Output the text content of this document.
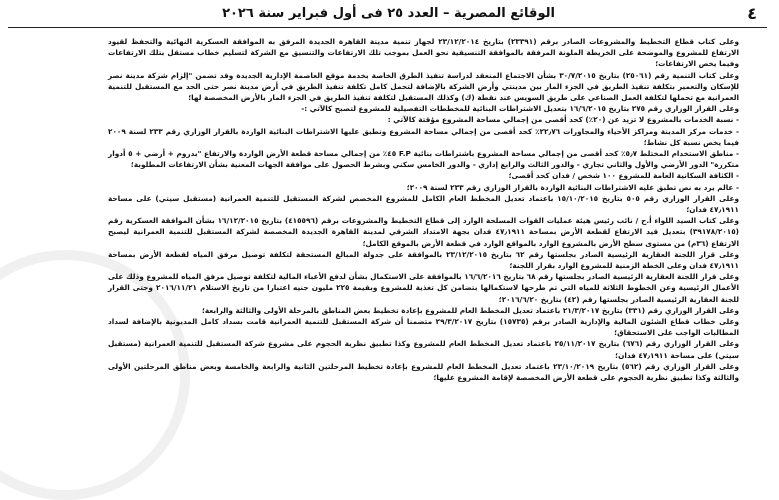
٤
الوقائع المصرية – العدد ٢٥ فى أول فبراير سنة ٢٠٢٦

وعلى كتاب قطاع التخطيط والمشروعات الصادر برقم (٢٣٣٩١) بتاريخ ٢٣/١٢/٢٠١٤ لجهاز تنمية مدينة القاهرة الجديدة المرفق به الموافقة العسكرية النهائية والتحفظ لقيود الارتفاع للمشروع والموضحة على الخريطة الملونة المرفقة بالموافقة التنسيقية نحو العمل بموجب تلك الارتفاعات والتنسيق مع الشركة لتسليم خطاب مستقل بتلك الارتفاعات وفيما يخص الارتفاعات؛

وعلى كتاب التنمية رقم (٢٥٠٦١) بتاريخ ٣٠/٧/٢٠١٥ بشأن الاجتماع المنعقد لدراسة تنفيذ الطرق الخاصة بخدمة موقع العاصمة الإدارية الجديدة وقد تضمن "إلزام شركة مدينة نصر للإسكان والتعمير بتكلفة تنفيذ الطريق في الجزء المار بين مدينتي وأرض الشركة بالإضافة لتحمل كامل تكلفة تنفيذ الطريق في أرض مدينة نصر حتى الحد مع المستقبل للتنمية العمرانية مع تحملها لتكلفة العمل الصناعي على طريق السويس عند نقطة (ك) وكذلك المستقبل لتكلفة تنفيذ الطريق في الجزء المار بالأرض المخصصة لها؛

وعلى القرار الوزاري رقم ٢٧٥ بتاريخ ١٦/٦/٢٠١٥ بتعديل الاشتراطات البنائية للمخططات التفصيلية للمشروع لتصبح كالآتي :-

- نسبة الخدمات بالمشروع لا تزيد عن (٢٠٪) كحد أقصى من إجمالي مساحة المشروع مؤقتة كالآتي :

- خدمات مركز المدينة ومراكز الأحياء والمجاورات ٢٢٫٧٦٪ كحد أقصى من إجمالي مساحة المشروع وتطبق عليها الاشتراطات البنائية الواردة بالقرار الوزاري رقم ٢٣٣ لسنة ٢٠٠٩ فيما يخص نسبة كل نشاط؛

- مناطق الاستخدام المختلط ٥٫٧٪ كحد أقصى من إجمالي مساحة المشروع باشتراطات بنائية F.P ٤٥٪ من إجمالي مساحة قطعة الأرض الواردة والارتفاع "بدروم + أرضي + ٥ أدوار متكررة" الدور الأرضي والأول والثاني تجاري - والدور الثالث والرابع إداري - والدور الخامس سكني وبشرط الحصول على موافقة الجهات المعنية بشأن الارتفاعات المطلوبة؛

- الكثافة السكانية العامة للمشروع ١٠٠ شخص / فدان كحد أقصى؛

- عالم يرد به نص تطبق عليه الاشتراطات البنائية الواردة بالقرار الوزاري رقم ٢٣٣ لسنة ٢٠٠٩؛

وعلى القرار الوزاري رقم ٥٠٥ بتاريخ ١٥/١٠/٢٠١٥ باعتماد تعديل المخطط العام الكامل للمشروع المخصص لشركة المستقبل للتنمية العمرانية (مستقبل سيتي) على مساحة ٤٧٫١٩١١ فدان؛

وعلى كتاب السيد اللواء أ.ح / نائب رئيس هيئة عمليات القوات المسلحة الوارد إلى قطاع التخطيط والمشروعات برقم (٤١٥٥٩٦) بتاريخ ١٦/١٢/٢٠١٥ بشأن الموافقة العسكرية رقم (٣٩١٧٨/٢٠١٥) بتعديل قيد الارتفاع لقطعة الأرض بمساحة ٤٧٫١٩١١ فدان بجهة الامتداد الشرقي لمدينة القاهرة الجديدة المخصصة لشركة المستقبل للتنمية العمرانية ليصبح الارتفاع (٣٦م) من مستوى سطح الأرض بالمشروع الوارد بالمواقع الوارد في قطعة الأرض بالموقع الكامل؛

وعلى قرار اللجنة العقارية الرئيسية الصادر بجلستها رقم ٦٢ بتاريخ ٢٣/١٢/٢٠١٥ بالموافقة على جدولة المبالغ المستحقة لتكلفة توصيل مرفق المياه لقطعة الأرض بمساحة ٤٧٫١٩١١ فدان وعلى الخطة الزمنية للمشروع الوارد بقرار اللجنة؛

وعلى قرار اللجنة العقارية الرئيسية الصادر بجلستها رقم ٦٨ بتاريخ ١٦/٦/٢٠١٦ بالموافقة على الاستكمال بشأن لدفع الأعباء المالية لتكلفة توصيل مرفق المياه للمشروع وذلك على الأعمال الرئيسية وعن الخطوط الثلاثة للمياه التي تم طرحها لاستكمالها بتضامن كل تغذية للمشروع وبقيمة ٢٢٥ مليون جنيه اعتبارا من تاريخ الاستلام ٢٠١٦/١١/٢١ وحتى القرار للجنة العقارية الرئيسية الصادر بجلستها رقم (٤٢) بتاريخ ٢٠١٦/٦/٢٠؛

وعلى القرار الوزاري رقم (٣٣١) بتاريخ ٢١/٣/٢٠١٧ باعتماد تعديل المخطط العام للمشروع بإعادة تخطيط بعض المناطق بالمرحلة الأولى والثالثة والرابعة؛

وعلى خطاب قطاع الشئون المالية والإدارية الصادر برقم (١٥٧٣٥) بتاريخ ٢٩/٣/٢٠١٧ متضمنا أن شركة المستقبل للتنمية العمرانية قامت بسداد كامل المديونية بالإضافة لسداد المطالبات الواجب على الاستحقاق؛

وعلى القرار الوزاري رقم (٦٧٦) بتاريخ ٢٥/١١/٢٠١٧ باعتماد تعديل المخطط العام للمشروع وكذا تطبيق نظرية الحجوم على مشروع شركة المستقبل للتنمية العمرانية (مستقبل سيتي) على مساحة ٤٧٫١٩١١ فدان؛

وعلى القرار الوزاري رقم (٥٦٢) بتاريخ ٢٣/١٠/٢٠١٩ باعتماد تعديل المخطط العام للمشروع بإعادة تخطيط المرحلتين الثانية والرابعة والخامسة وبعض مناطق المرحلتين الأولى والثالثة وكذا تطبيق نظرية الحجوم على قطعة الأرض المخصصة لإقامة المشروع عليها؛
